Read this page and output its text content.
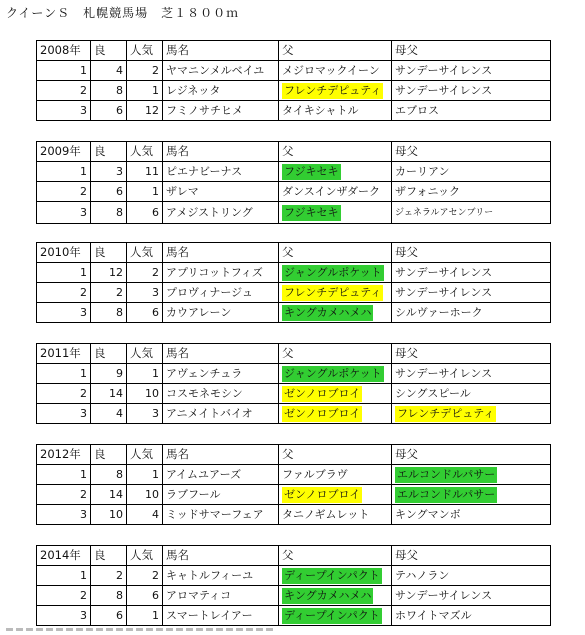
クイーンＳ　札幌競馬場　芝１８００ｍ
2008年	良	人気	馬名	父	母父
1	4	2	ヤマニンメルベイユ	メジロマックイーン	サンデーサイレンス
2	8	1	レジネッタ	フレンチデピュティ	サンデーサイレンス
3	6	12	フミノサチヒメ	タイキシャトル	エブロス
2009年	良	人気	馬名	父	母父
1	3	11	ピエナビーナス	フジキセキ	カーリアン
2	6	1	ザレマ	ダンスインザダーク	ザフォニック
3	8	6	アメジストリング	フジキセキ	ジェネラルアセンブリー
2010年	良	人気	馬名	父	母父
1	12	2	アプリコットフィズ	ジャングルポケット	サンデーサイレンス
2	2	3	プロヴィナージュ	フレンチデピュティ	サンデーサイレンス
3	8	6	カウアレーン	キングカメハメハ	シルヴァーホーク
2011年	良	人気	馬名	父	母父
1	9	1	アヴェンチュラ	ジャングルポケット	サンデーサイレンス
2	14	10	コスモネモシン	ゼンノロブロイ	シングスピール
3	4	3	アニメイトバイオ	ゼンノロブロイ	フレンチデピュティ
2012年	良	人気	馬名	父	母父
1	8	1	アイムユアーズ	ファルブラヴ	エルコンドルパサー
2	14	10	ラブフール	ゼンノロブロイ	エルコンドルパサー
3	10	4	ミッドサマーフェア	タニノギムレット	キングマンボ
2014年	良	人気	馬名	父	母父
1	2	2	キャトルフィーユ	ディープインパクト	テハノラン
2	8	6	アロマティコ	キングカメハメハ	サンデーサイレンス
3	6	1	スマートレイアー	ディープインパクト	ホワイトマズル
